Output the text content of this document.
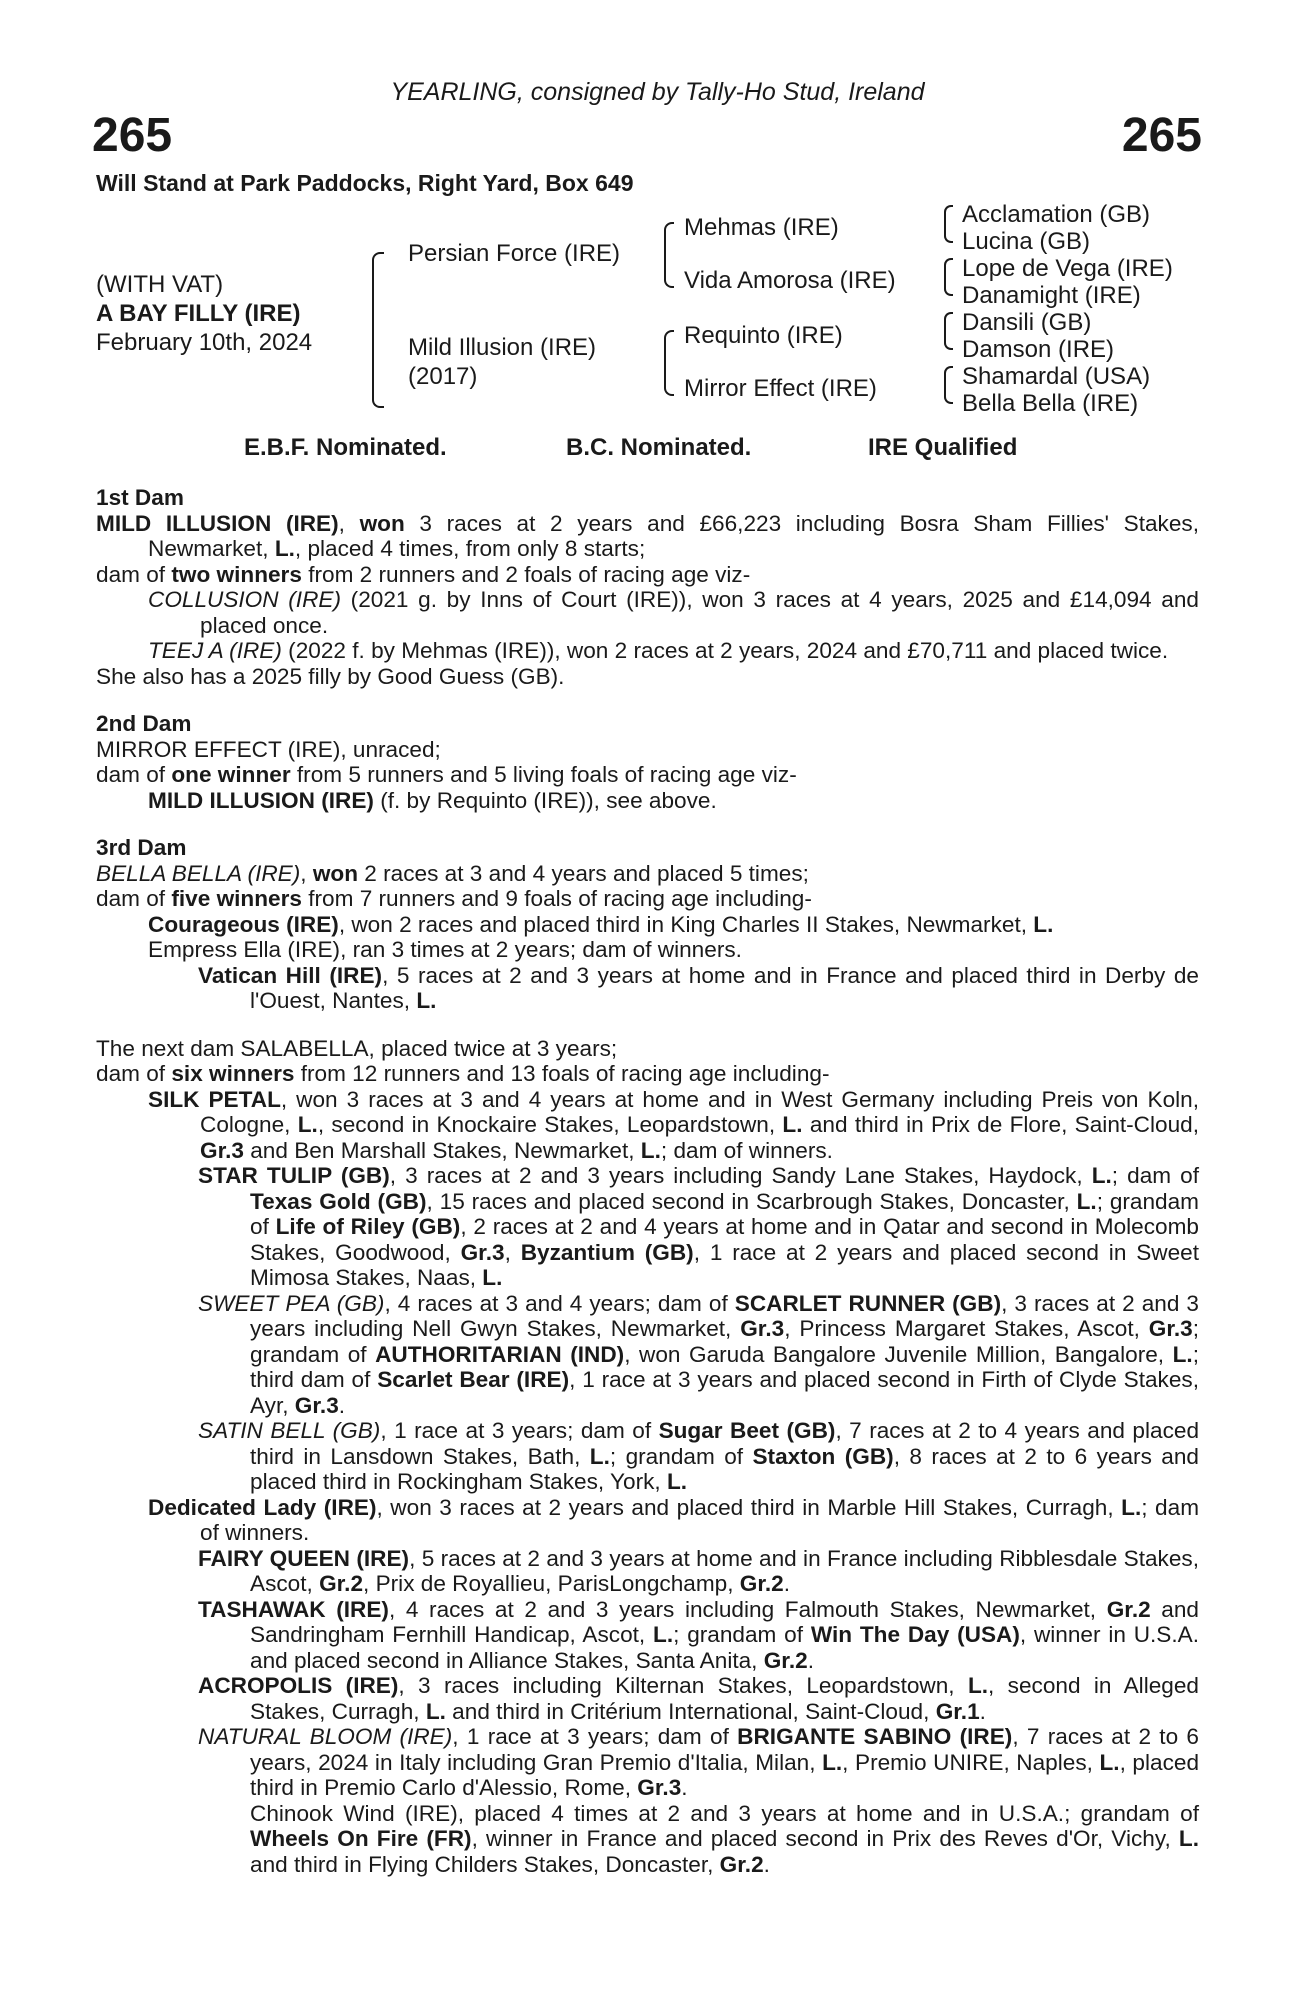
YEARLING, consigned by Tally-Ho Stud, Ireland
265	265
Will Stand at Park Paddocks, Right Yard, Box 649
(WITH VAT)
A BAY FILLY (IRE)
February 10th, 2024
Persian Force (IRE)
Mild Illusion (IRE)
(2017)
Mehmas (IRE)
Vida Amorosa (IRE)
Requinto (IRE)
Mirror Effect (IRE)
Acclamation (GB)
Lucina (GB)
Lope de Vega (IRE)
Danamight (IRE)
Dansili (GB)
Damson (IRE)
Shamardal (USA)
Bella Bella (IRE)
E.B.F. Nominated.	B.C. Nominated.	IRE Qualified

1st Dam

MILD ILLUSION (IRE), won 3 races at 2 years and £66,223 including Bosra Sham Fillies' Stakes, Newmarket, L., placed 4 times, from only 8 starts;

dam of two winners from 2 runners and 2 foals of racing age viz-

COLLUSION (IRE) (2021 g. by Inns of Court (IRE)), won 3 races at 4 years, 2025 and £14,094 and placed once.

TEEJ A (IRE) (2022 f. by Mehmas (IRE)), won 2 races at 2 years, 2024 and £70,711 and placed twice.

She also has a 2025 filly by Good Guess (GB).

2nd Dam

MIRROR EFFECT (IRE), unraced;

dam of one winner from 5 runners and 5 living foals of racing age viz-

MILD ILLUSION (IRE) (f. by Requinto (IRE)), see above.

3rd Dam

BELLA BELLA (IRE), won 2 races at 3 and 4 years and placed 5 times;

dam of five winners from 7 runners and 9 foals of racing age including-

Courageous (IRE), won 2 races and placed third in King Charles II Stakes, Newmarket, L.

Empress Ella (IRE), ran 3 times at 2 years; dam of winners.

Vatican Hill (IRE), 5 races at 2 and 3 years at home and in France and placed third in Derby de l'Ouest, Nantes, L.

The next dam SALABELLA, placed twice at 3 years;

dam of six winners from 12 runners and 13 foals of racing age including-

SILK PETAL, won 3 races at 3 and 4 years at home and in West Germany including Preis von Koln, Cologne, L., second in Knockaire Stakes, Leopardstown, L. and third in Prix de Flore, Saint-Cloud, Gr.3 and Ben Marshall Stakes, Newmarket, L.; dam of winners.

STAR TULIP (GB), 3 races at 2 and 3 years including Sandy Lane Stakes, Haydock, L.; dam of Texas Gold (GB), 15 races and placed second in Scarbrough Stakes, Doncaster, L.; grandam of Life of Riley (GB), 2 races at 2 and 4 years at home and in Qatar and second in Molecomb Stakes, Goodwood, Gr.3, Byzantium (GB), 1 race at 2 years and placed second in Sweet Mimosa Stakes, Naas, L.

SWEET PEA (GB), 4 races at 3 and 4 years; dam of SCARLET RUNNER (GB), 3 races at 2 and 3 years including Nell Gwyn Stakes, Newmarket, Gr.3, Princess Margaret Stakes, Ascot, Gr.3; grandam of AUTHORITARIAN (IND), won Garuda Bangalore Juvenile Million, Bangalore, L.; third dam of Scarlet Bear (IRE), 1 race at 3 years and placed second in Firth of Clyde Stakes, Ayr, Gr.3.

SATIN BELL (GB), 1 race at 3 years; dam of Sugar Beet (GB), 7 races at 2 to 4 years and placed third in Lansdown Stakes, Bath, L.; grandam of Staxton (GB), 8 races at 2 to 6 years and placed third in Rockingham Stakes, York, L.

Dedicated Lady (IRE), won 3 races at 2 years and placed third in Marble Hill Stakes, Curragh, L.; dam of winners.

FAIRY QUEEN (IRE), 5 races at 2 and 3 years at home and in France including Ribblesdale Stakes, Ascot, Gr.2, Prix de Royallieu, ParisLongchamp, Gr.2.

TASHAWAK (IRE), 4 races at 2 and 3 years including Falmouth Stakes, Newmarket, Gr.2 and Sandringham Fernhill Handicap, Ascot, L.; grandam of Win The Day (USA), winner in U.S.A. and placed second in Alliance Stakes, Santa Anita, Gr.2.

ACROPOLIS (IRE), 3 races including Kilternan Stakes, Leopardstown, L., second in Alleged Stakes, Curragh, L. and third in Critérium International, Saint-Cloud, Gr.1.

NATURAL BLOOM (IRE), 1 race at 3 years; dam of BRIGANTE SABINO (IRE), 7 races at 2 to 6 years, 2024 in Italy including Gran Premio d'Italia, Milan, L., Premio UNIRE, Naples, L., placed third in Premio Carlo d'Alessio, Rome, Gr.3.

Chinook Wind (IRE), placed 4 times at 2 and 3 years at home and in U.S.A.; grandam of Wheels On Fire (FR), winner in France and placed second in Prix des Reves d'Or, Vichy, L. and third in Flying Childers Stakes, Doncaster, Gr.2.
